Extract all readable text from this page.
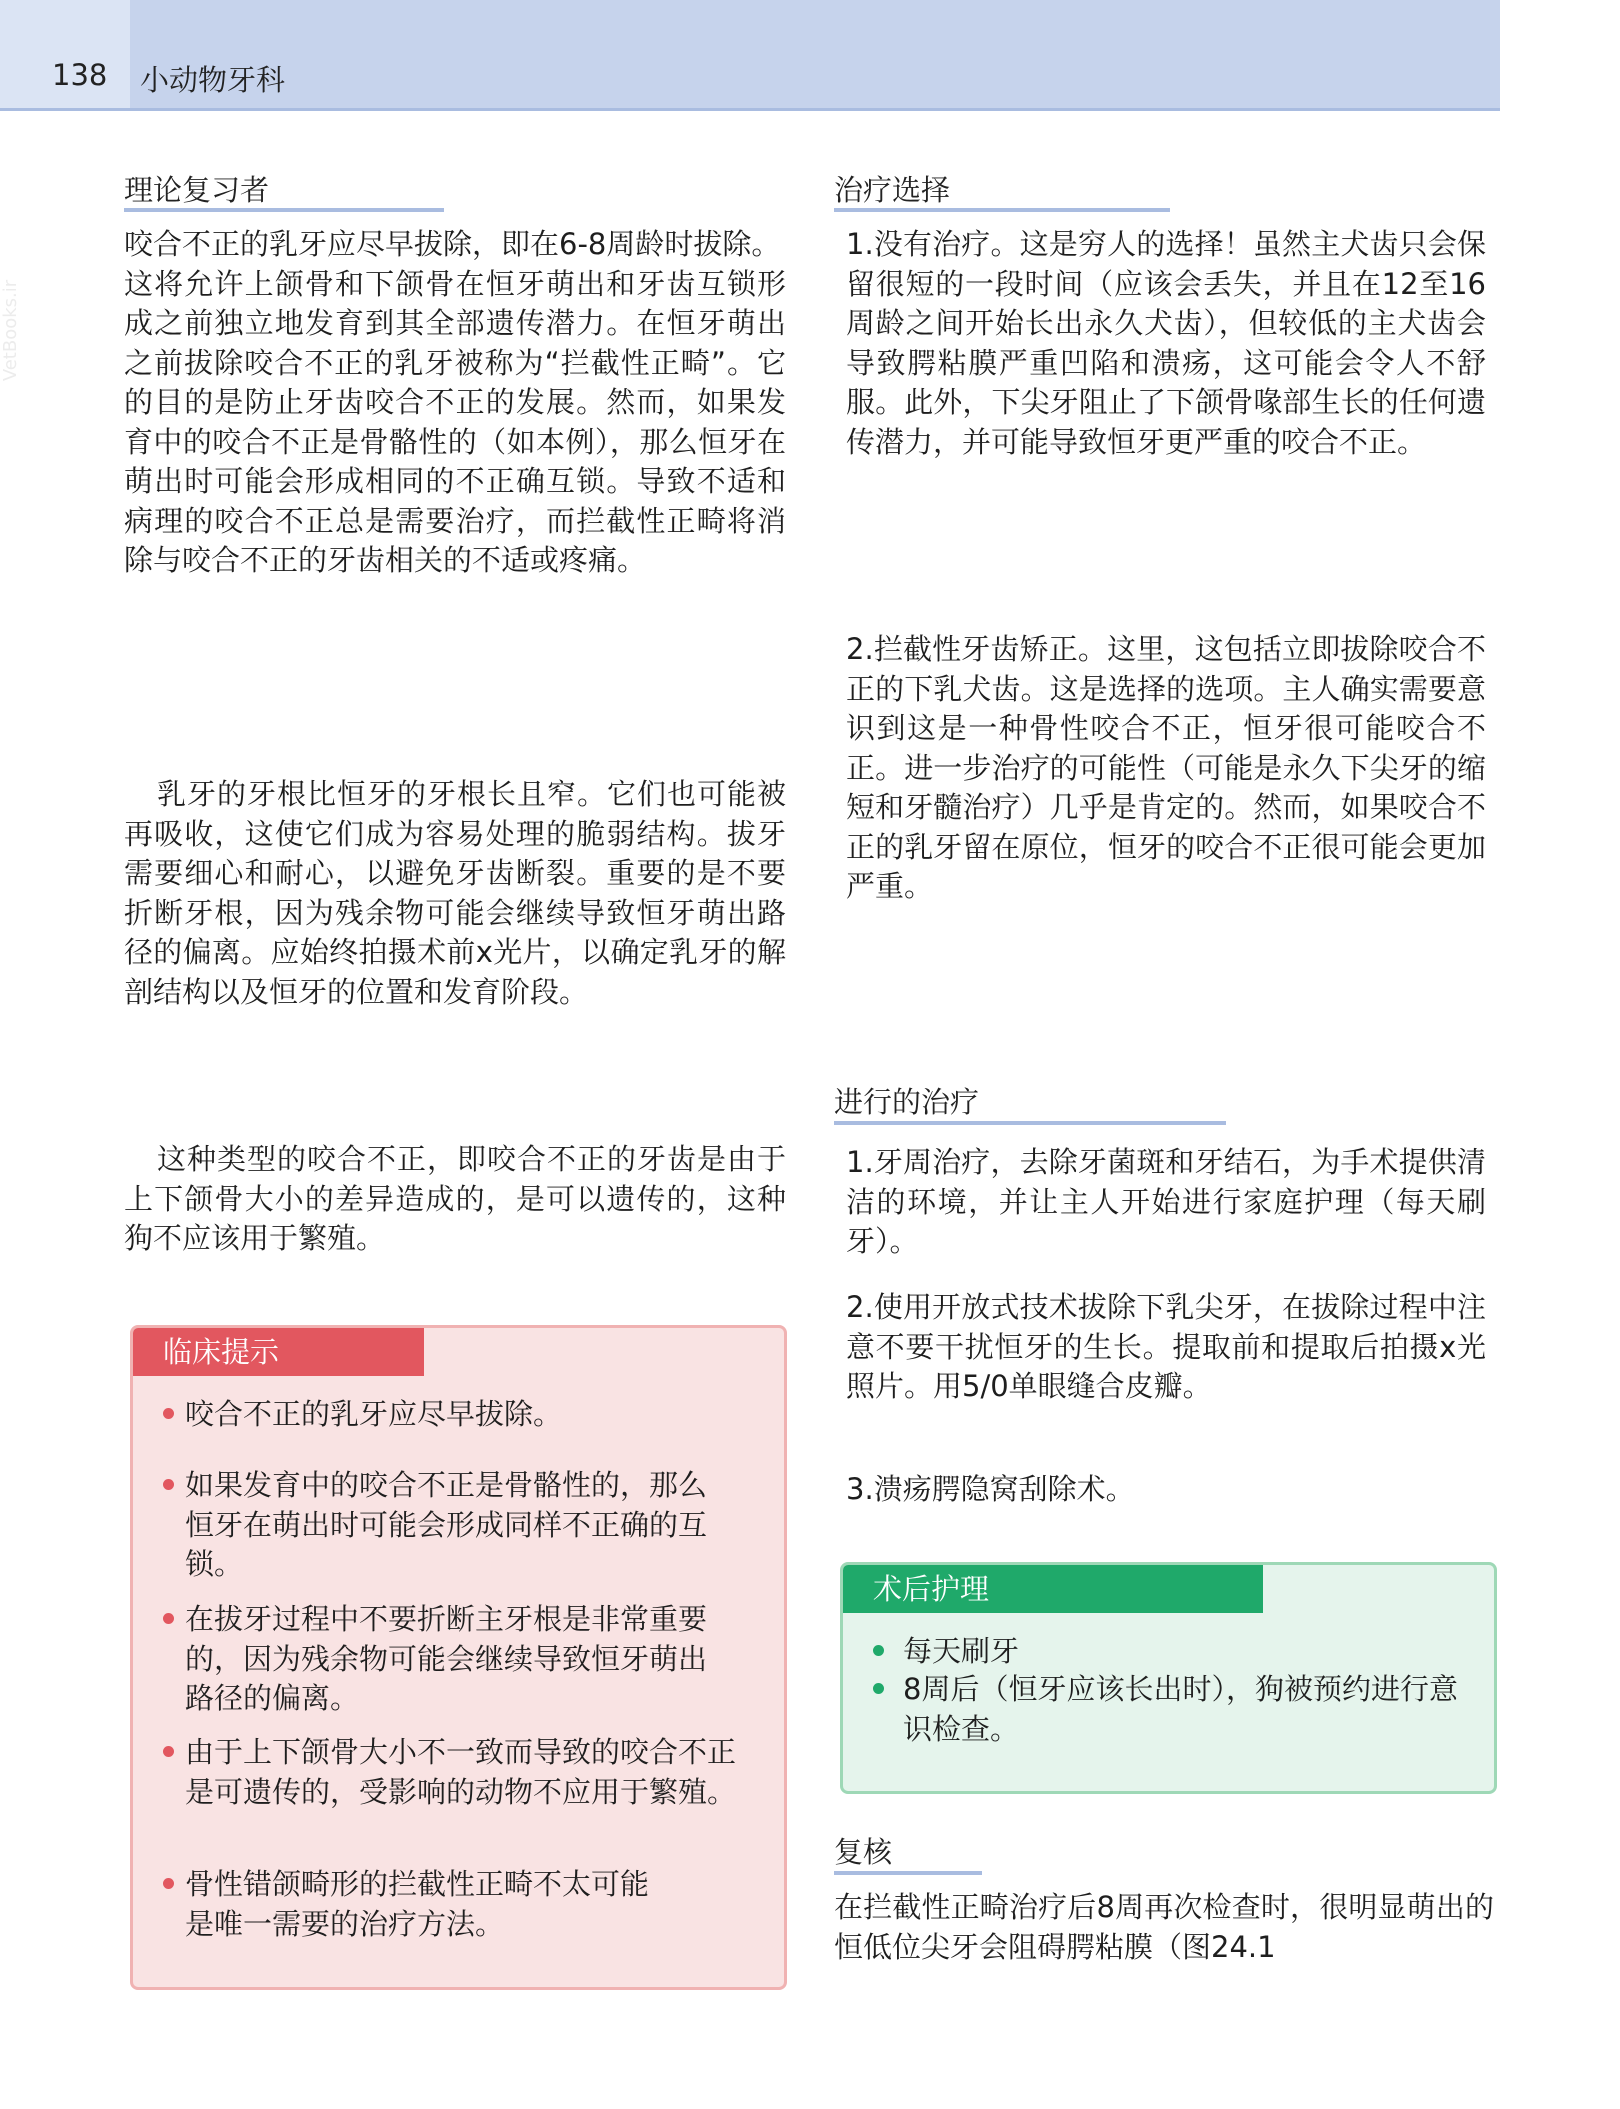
138 小动物牙科
VetBooks.ir
理论复习者

咬合不正的乳牙应尽早拔除，即在6-8周龄时拔除。

这将允许上颌骨和下颌骨在恒牙萌出和牙齿互锁形成之前独立地发育到其全部遗传潜力。在恒牙萌出之前拔除咬合不正的乳牙被称为“拦截性正畸”。它的目的是防止牙齿咬合不正的发展。然而，如果发育中的咬合不正是骨骼性的（如本例），那么恒牙在萌出时可能会形成相同的不正确互锁。导致不适和病理的咬合不正总是需要治疗，而拦截性正畸将消除与咬合不正的牙齿相关的不适或疼痛。

乳牙的牙根比恒牙的牙根长且窄。它们也可能被再吸收，这使它们成为容易处理的脆弱结构。拔牙需要细心和耐心，以避免牙齿断裂。重要的是不要折断牙根，因为残余物可能会继续导致恒牙萌出路径的偏离。应始终拍摄术前x光片，以确定乳牙的解剖结构以及恒牙的位置和发育阶段。

这种类型的咬合不正，即咬合不正的牙齿是由于上下颌骨大小的差异造成的，是可以遗传的，这种狗不应该用于繁殖。

临床提示
咬合不正的乳牙应尽早拔除。
如果发育中的咬合不正是骨骼性的，那么恒牙在萌出时可能会形成同样不正确的互锁。
在拔牙过程中不要折断主牙根是非常重要的，因为残余物可能会继续导致恒牙萌出路径的偏离。
由于上下颌骨大小不一致而导致的咬合不正是可遗传的，受影响的动物不应用于繁殖。
骨性错颌畸形的拦截性正畸不太可能是唯一需要的治疗方法。
治疗选择
1.没有治疗。这是穷人的选择！虽然主犬齿只会保留很短的一段时间（应该会丢失，并且在12至16周龄之间开始长出永久犬齿），但较低的主犬齿会导致腭粘膜严重凹陷和溃疡，这可能会令人不舒服。此外，下尖牙阻止了下颌骨喙部生长的任何遗传潜力，并可能导致恒牙更严重的咬合不正。
2.拦截性牙齿矫正。这里，这包括立即拔除咬合不正的下乳犬齿。这是选择的选项。主人确实需要意识到这是一种骨性咬合不正，恒牙很可能咬合不正。进一步治疗的可能性（可能是永久下尖牙的缩短和牙髓治疗）几乎是肯定的。然而，如果咬合不正的乳牙留在原位，恒牙的咬合不正很可能会更加严重。
进行的治疗
1.牙周治疗，去除牙菌斑和牙结石，为手术提供清洁的环境，并让主人开始进行家庭护理（每天刷牙）。
2.使用开放式技术拔除下乳尖牙，在拔除过程中注意不要干扰恒牙的生长。提取前和提取后拍摄x光照片。用5/0单眼缝合皮瓣。
3.溃疡腭隐窝刮除术。
术后护理
每天刷牙
8周后（恒牙应该长出时），狗被预约进行意识检查。
复核
在拦截性正畸治疗后8周再次检查时，很明显萌出的恒低位尖牙会阻碍腭粘膜（图24.1
